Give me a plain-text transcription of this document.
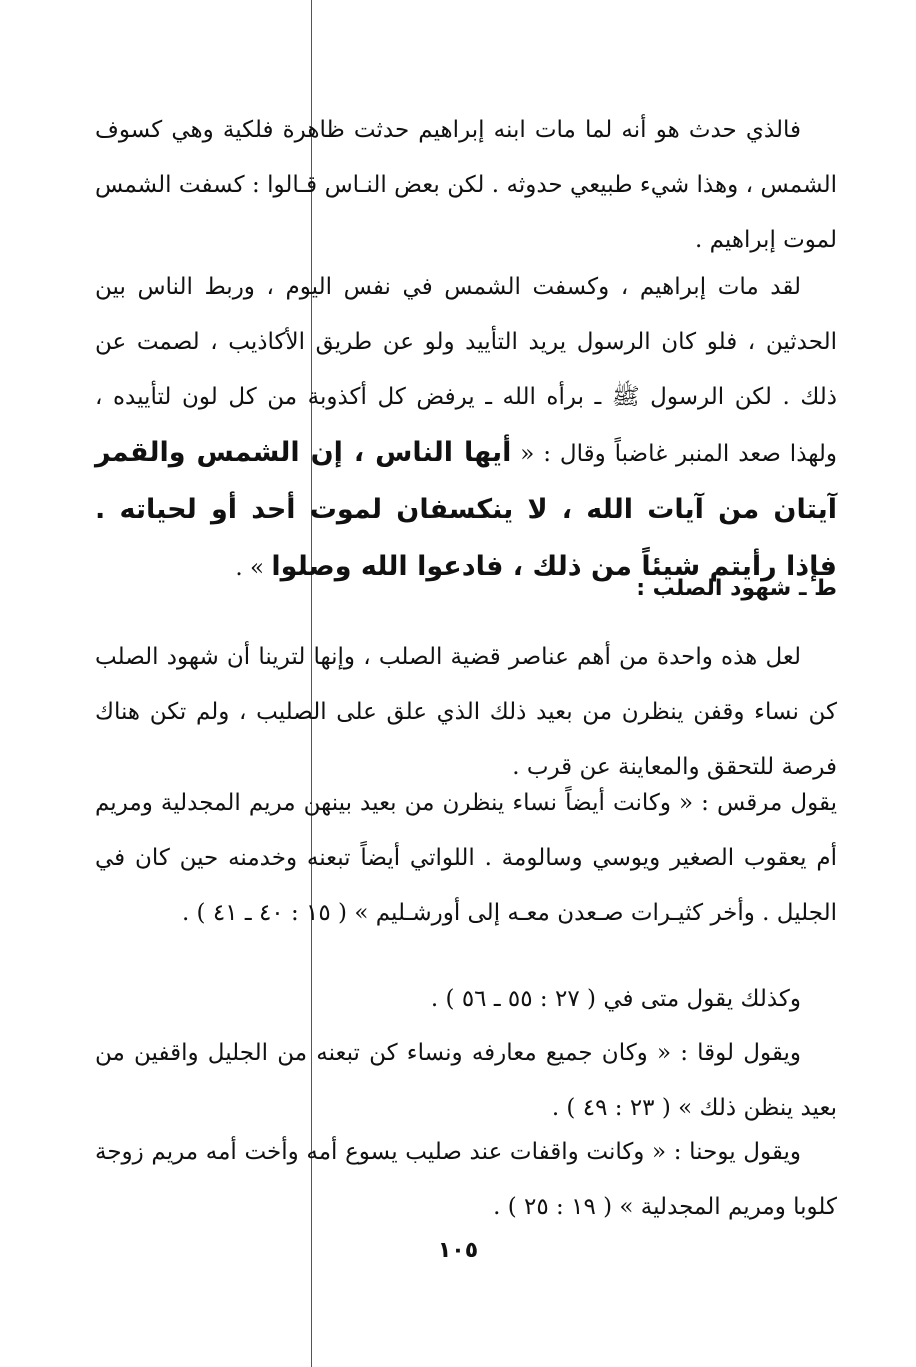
فالذي حدث هو أنه لما مات ابنه إبراهيم حدثت ظاهرة فلكية وهي كسوف الشمس ، وهذا شيء طبيعي حدوثه . لكن بعض النـاس قـالوا : كسفت الشمس لموت إبراهيم .

لقد مات إبراهيم ، وكسفت الشمس في نفس اليوم ، وربط الناس بين الحدثين ، فلو كان الرسول يريد التأييد ولو عن طريق الأكاذيب ، لصمت عن ذلك . لكن الرسول ﷺ ـ برأه الله ـ يرفض كل أكذوبة من كل لون لتأييده ، ولهذا صعد المنبر غاضباً وقال : « أيها الناس ، إن الشمس والقمر آيتان من آيات الله ، لا ينكسفان لموت أحد أو لحياته . فإذا رأيتم شيئاً من ذلك ، فادعوا الله وصلوا » .

ط ـ شهود الصلب :

لعل هذه واحدة من أهم عناصر قضية الصلب ، وإنها لترينا أن شهود الصلب كن نساء وقفن ينظرن من بعيد ذلك الذي علق على الصليب ، ولم تكن هناك فرصة للتحقق والمعاينة عن قرب .

يقول مرقس : « وكانت أيضاً نساء ينظرن من بعيد بينهن مريم المجدلية ومريم أم يعقوب الصغير ويوسي وسالومة . اللواتي أيضاً تبعنه وخدمنه حين كان في الجليل . وأخر كثيـرات صـعدن معـه إلى أورشـليم » ( ١٥ : ٤٠ ـ ٤١ ) .

وكذلك يقول متى في ( ٢٧ : ٥٥ ـ ٥٦ ) .

ويقول لوقا : « وكان جميع معارفه ونساء كن تبعنه من الجليل واقفين من بعيد ينظن ذلك » ( ٢٣ : ٤٩ ) .

ويقول يوحنا : « وكانت واقفات عند صليب يسوع أمه وأخت أمه مريم زوجة كلوبا ومريم المجدلية » ( ١٩ : ٢٥ ) .

١٠٥
